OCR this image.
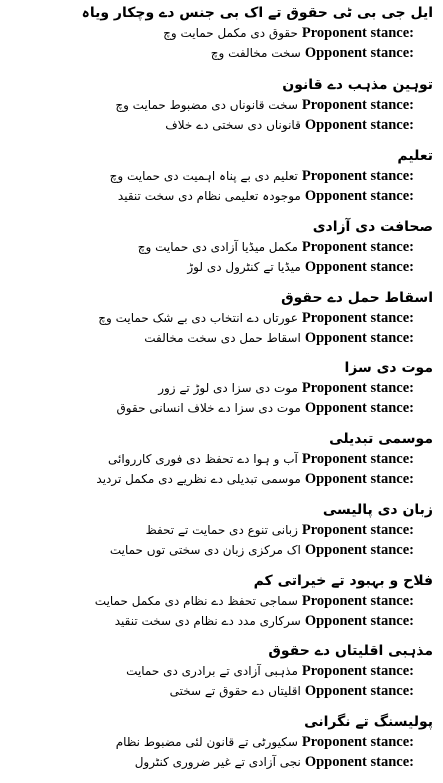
ایل جی بی ٹی حقوق تے اک بی جنس دے وچکار ویاہ
Proponent stance:حقوق دی مکمل حمایت وچ
Opponent stance:سخت مخالفت وچ
توہین مذہب دے قانون
Proponent stance:سخت قانوناں دی مضبوط حمایت وچ
Opponent stance:قانوناں دی سختی دے خلاف
تعلیم
Proponent stance:تعلیم دی بے پناہ اہمیت دی حمایت وچ
Opponent stance:موجودہ تعلیمی نظام دی سخت تنقید
صحافت دی آزادی
Proponent stance:مکمل میڈیا آزادی دی حمایت وچ
Opponent stance:میڈیا تے کنٹرول دی لوڑ
اسقاط حمل دے حقوق
Proponent stance:عورتاں دے انتخاب دی بے شک حمایت وچ
Opponent stance:اسقاط حمل دی سخت مخالفت
موت دی سزا
Proponent stance:موت دی سزا دی لوڑ تے زور
Opponent stance:موت دی سزا دے خلاف انسانی حقوق
موسمی تبدیلی
Proponent stance:آب و ہوا دے تحفظ دی فوری کارروائی
Opponent stance:موسمی تبدیلی دے نظریے دی مکمل تردید
زبان دی پالیسی
Proponent stance:زبانی تنوع دی حمایت تے تحفظ
Opponent stance:اک مرکزی زبان دی سختی توں حمایت
فلاح و بہبود تے خیراتی کم
Proponent stance:سماجی تحفظ دے نظام دی مکمل حمایت
Opponent stance:سرکاری مدد دے نظام دی سخت تنقید
مذہبی اقلیتاں دے حقوق
Proponent stance:مذہبی آزادی تے برادری دی حمایت
Opponent stance:اقلیتاں دے حقوق تے سختی
پولیسنگ تے نگرانی
Proponent stance:سکیورٹی تے قانون لئی مضبوط نظام
Opponent stance:نجی آزادی تے غیر ضروری کنٹرول
